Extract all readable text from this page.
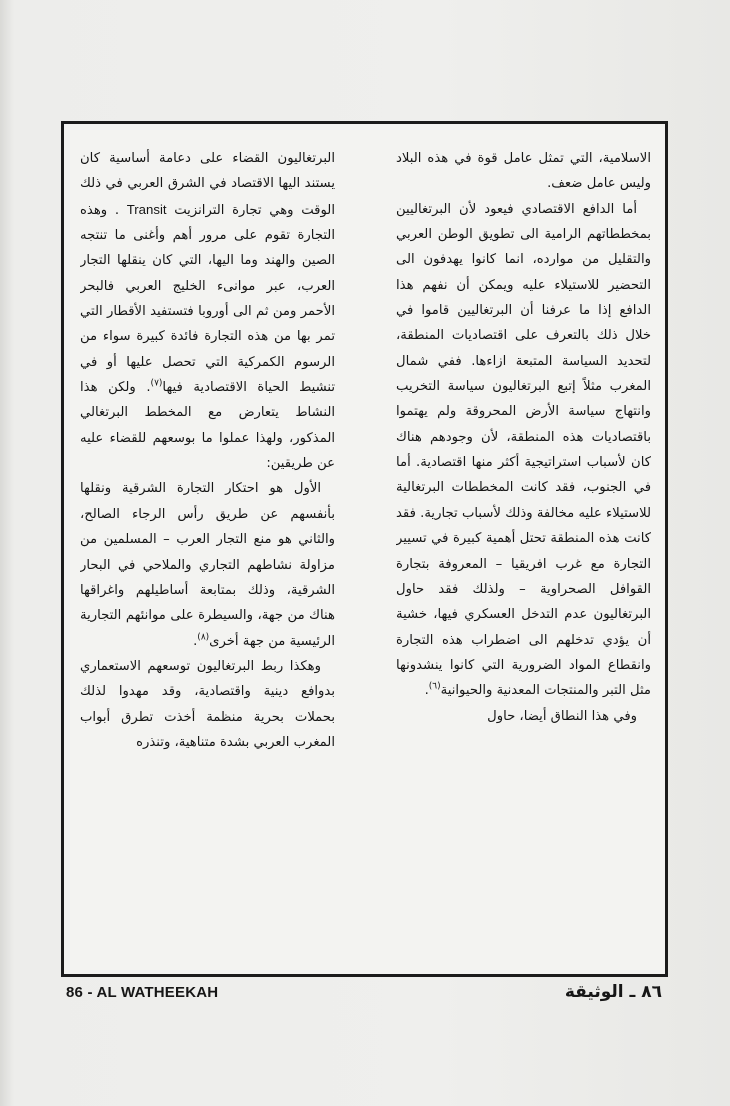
الاسلامية، التي تمثل عامل قوة في هذه البلاد وليس عامل ضعف.

أما الدافع الاقتصادي فيعود لأن البرتغاليين بمخططاتهم الرامية الى تطويق الوطن العربي والتقليل من موارده، انما كانوا يهدفون الى التحضير للاستيلاء عليه ويمكن أن نفهم هذا الدافع إذا ما عرفنا أن البرتغاليين قاموا في خلال ذلك بالتعرف على اقتصاديات المنطقة، لتحديد السياسة المتبعة ازاءها. ففي شمال المغرب مثلاً إتبع البرتغاليون سياسة التخريب وانتهاج سياسة الأرض المحروقة ولم يهتموا باقتصاديات هذه المنطقة، لأن وجودهم هناك كان لأسباب استراتيجية أكثر منها اقتصادية. أما في الجنوب، فقد كانت المخططات البرتغالية للاستيلاء عليه مخالفة وذلك لأسباب تجارية. فقد كانت هذه المنطقة تحتل أهمية كبيرة في تسيير التجارة مع غرب افريقيا – المعروفة بتجارة القوافل الصحراوية – ولذلك فقد حاول البرتغاليون عدم التدخل العسكري فيها، خشية أن يؤدي تدخلهم الى اضطراب هذه التجارة وانقطاع المواد الضرورية التي كانوا ينشدونها مثل التبر والمنتجات المعدنية والحيوانية$^{(٦)}$.

وفي هذا النطاق أيضا، حاول

البرتغاليون القضاء على دعامة أساسية كان يستند اليها الاقتصاد في الشرق العربي في ذلك الوقت وهي تجارة الترانزيت Transit . وهذه التجارة تقوم على مرور أهم وأغنى ما تنتجه الصين والهند وما اليها، التي كان ينقلها التجار العرب، عبر موانىء الخليج العربي فالبحر الأحمر ومن ثم الى أوروبا فتستفيد الأقطار التي تمر بها من هذه التجارة فائدة كبيرة سواء من الرسوم الكمركية التي تحصل عليها أو في تنشيط الحياة الاقتصادية فيها$^{(٧)}$. ولكن هذا النشاط يتعارض مع المخطط البرتغالي المذكور، ولهذا عملوا ما بوسعهم للقضاء عليه عن طريقين:

الأول هو احتكار التجارة الشرقية ونقلها بأنفسهم عن طريق رأس الرجاء الصالح، والثاني هو منع التجار العرب – المسلمين من مزاولة نشاطهم التجاري والملاحي في البحار الشرقية، وذلك بمتابعة أساطيلهم واغراقها هناك من جهة، والسيطرة على موانئهم التجارية الرئيسية من جهة أخرى$^{(٨)}$.

وهكذا ربط البرتغاليون توسعهم الاستعماري بدوافع دينية واقتصادية، وقد مهدوا لذلك بحملات بحرية منظمة أخذت تطرق أبواب المغرب العربي بشدة متناهية، وتنذره

86 - AL WATHEEKAH	٨٦ ـ الوثيقة
